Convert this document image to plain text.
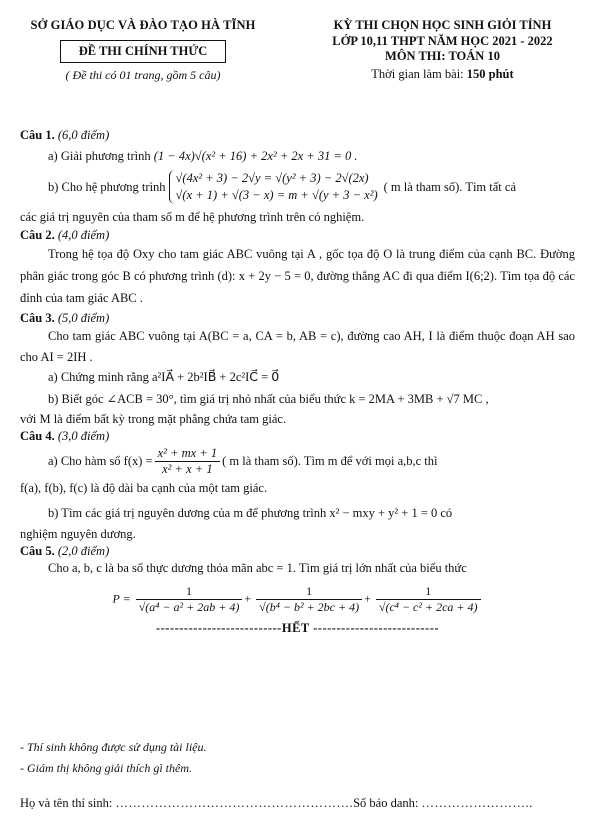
SỞ GIÁO DỤC VÀ ĐÀO TẠO HÀ TĨNH
ĐỀ THI CHÍNH THỨC
( Đề thi có 01 trang, gồm 5 câu)
KỲ THI CHỌN HỌC SINH GIỎI TỈNH
LỚP 10,11 THPT NĂM HỌC 2021 - 2022
MÔN THI: TOÁN 10
Thời gian làm bài: 150 phút
Câu 1. (6,0 điểm)
a) Giải phương trình (1 − 4x)√(x² + 16) + 2x² + 2x + 31 = 0 .
b) Cho hệ phương trình
√(4x² + 3) − 2√y = √(y² + 3) − 2√(2x)
√(x + 1) + √(3 − x) = m + √(y + 3 − x²)
( m là tham số). Tìm tất cả
các giá trị nguyên của tham số m để hệ phương trình trên có nghiệm.
Câu 2. (4,0 điểm)
Trong hệ tọa độ Oxy cho tam giác ABC vuông tại A , gốc tọa độ O là trung điểm của cạnh BC. Đường phân giác trong góc B có phương trình (d): x + 2y − 5 = 0, đường thẳng AC đi qua điểm I(6;2). Tìm tọa độ các đỉnh của tam giác ABC .
Câu 3. (5,0 điểm)
Cho tam giác ABC vuông tại A(BC = a, CA = b, AB = c), đường cao AH, I là điểm thuộc đoạn AH sao cho AI = 2IH .
a) Chứng minh rằng a²IA⃗ + 2b²IB⃗ + 2c²IC⃗ = 0⃗
b) Biết góc ∠ACB = 30°, tìm giá trị nhỏ nhất của biểu thức k = 2MA + 3MB + √7 MC ,
với M là điểm bất kỳ trong mặt phẳng chứa tam giác.
Câu 4. (3,0 điểm)
a) Cho hàm số $f(x) = \frac{\text{x² + mx + 1}}{\text{x² + x + 1}}$ ( m là tham số). Tìm m để với mọi a,b,c thì
f(a), f(b), f(c) là độ dài ba cạnh của một tam giác.
b) Tìm các giá trị nguyên dương của m để phương trình x² − mxy + y² + 1 = 0 có
nghiệm nguyên dương.
Câu 5. (2,0 điểm)
Cho a, b, c là ba số thực dương thỏa mãn abc = 1. Tìm giá trị lớn nhất của biểu thức
$P = \frac{1}{\text{√(a⁴ − a² + 2ab + 4)}} + \frac{1}{\text{√(b⁴ − b² + 2bc + 4)}} + \frac{1}{\text{√(c⁴ − c² + 2ca + 4)}}$
---------------------------HẾT ---------------------------
- Thí sinh không được sử dụng tài liệu.
- Giám thị không giải thích gì thêm.
Họ và tên thí sinh: ……………………………………………….Số báo danh: ……………………..
